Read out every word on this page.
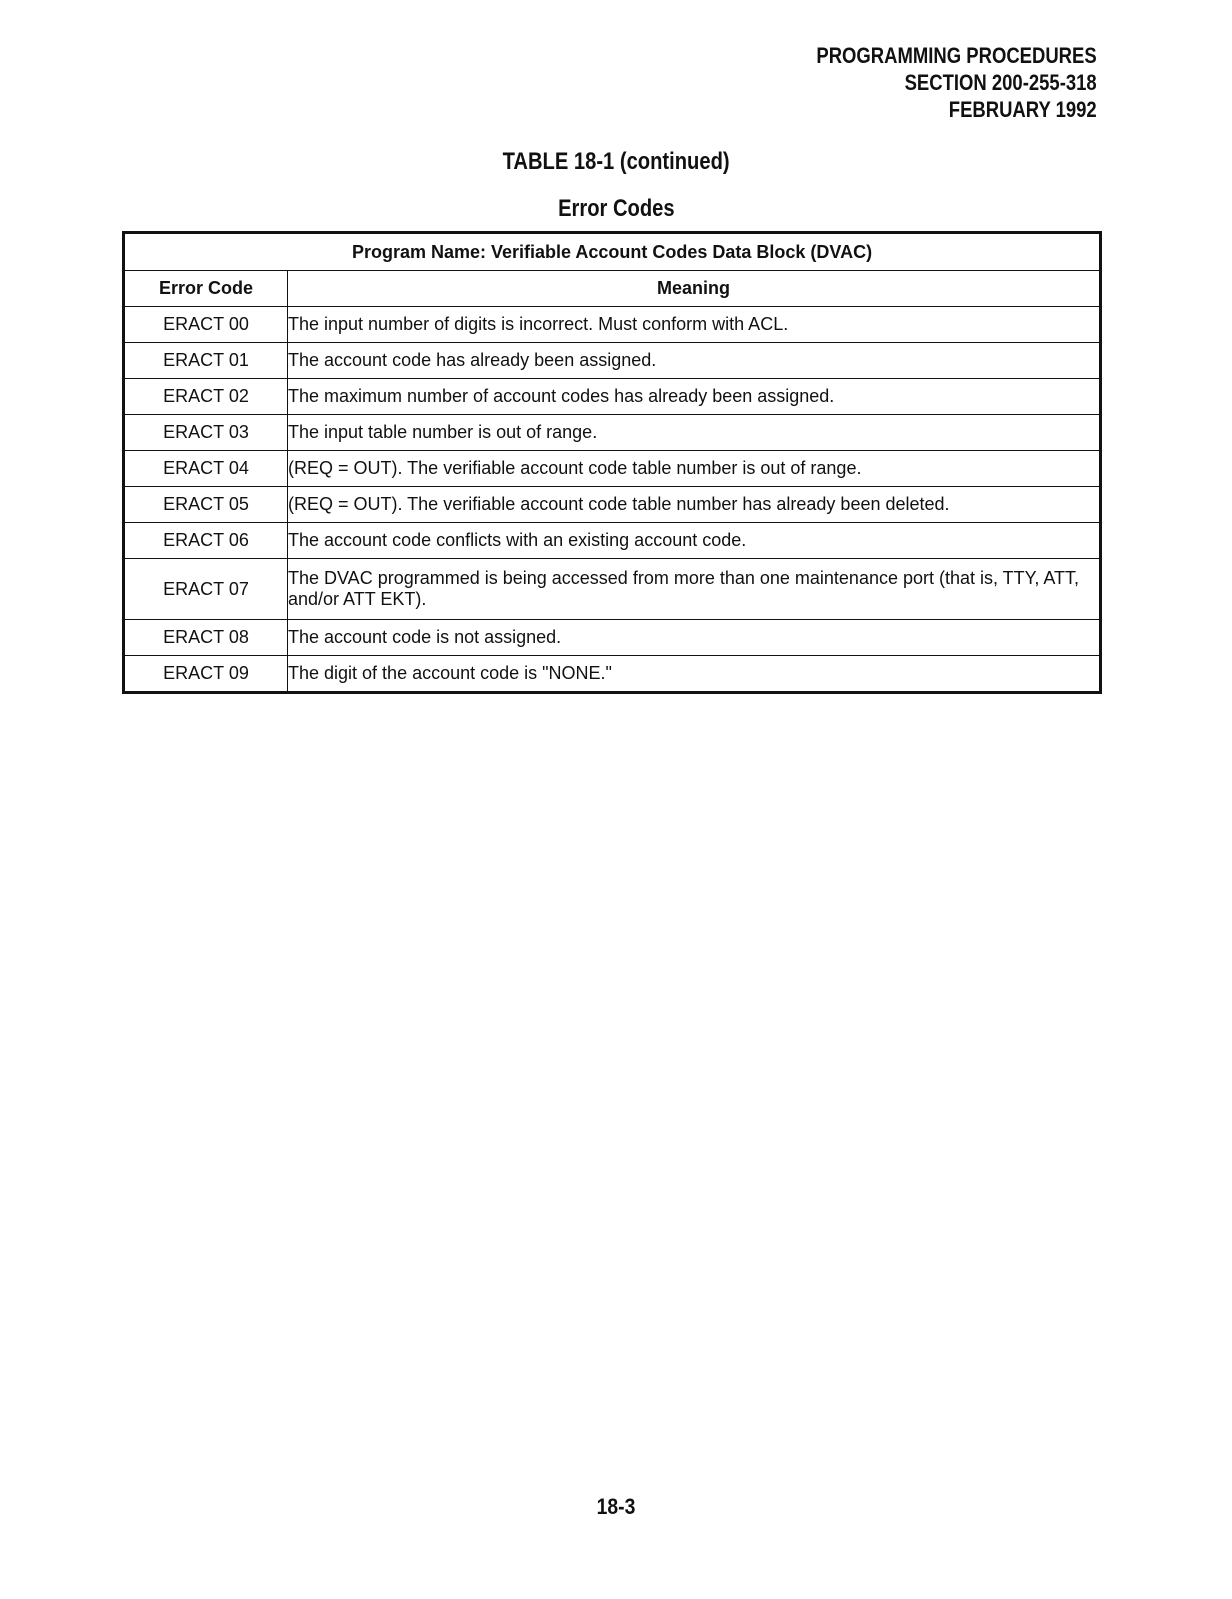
PROGRAMMING PROCEDURES
SECTION 200-255-318
FEBRUARY 1992
TABLE 18-1 (continued)
Error Codes
Program Name: Verifiable Account Codes Data Block (DVAC)	
Error Code	Meaning
ERACT 00	The input number of digits is incorrect. Must conform with ACL.
ERACT 01	The account code has already been assigned.
ERACT 02	The maximum number of account codes has already been assigned.
ERACT 03	The input table number is out of range.
ERACT 04	(REQ = OUT). The verifiable account code table number is out of range.
ERACT 05	(REQ = OUT). The verifiable account code table number has already been deleted.
ERACT 06	The account code conflicts with an existing account code.
ERACT 07	The DVAC programmed is being accessed from more than one maintenance port (that is, TTY, ATT, and/or ATT EKT).
ERACT 08	The account code is not assigned.
ERACT 09	The digit of the account code is "NONE."
18-3
